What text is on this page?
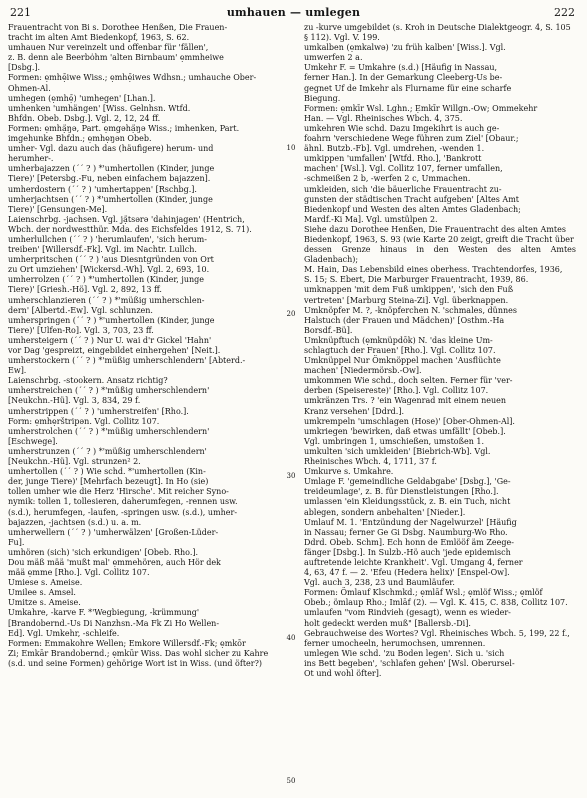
221	umhauen — umlegen	222

Frauentracht von Bi s. Dorothee Henßen, Die Frauen-

tracht im alten Amt Biedenkopf, 1963, S. 62.

umhauen Nur vereinzelt und offenbar für 'fällen',

z. B. denn ale Beerbȯhm 'alten Birnbaum' ẹmmheiwe

[Dsbg.].

Formen: ẹmhẹ̄iwe Wiss.; ẹmhẹ̄iwes Wdhsn.; umhauche Ober-

Ohmen-Al.

umhegen (ẹmhẹ̄) 'umhegen' [Lhan.].

umhenken 'umhängen' [Wiss. Gelnhsn. Wtfd.

Bhfdn. Obeb. Dsbg.]. Vgl. 2, 12, 24 ff.

Formen: ẹmhạ̈ŋə, Part. ẹmgəhạ̈ŋə Wiss.; imhenken, Part.

imgehunke Bhfdn.; ẹmhẹŋən Obeb.

umher- Vgl. dazu auch das (häufigere) herum- und

herumher-.

umherbajazzen (ˊˊ ? ) *'umhertollen (Kinder, junge

Tiere)' [Petersbg.-Fu, neben einfachem bajazzen].

umherdostern (ˊˊ ? ) 'umhertappen' [Rschbg.].

umherjachtsen (ˊˊ ? ) *'umhertollen (Kinder, junge

Tiere)' [Gensungen-Me].

Laienschrbg. -jachsen. Vgl. jạ̈tsərə 'dahinjagen' (Hentrich,

Wbch. der nordwestthür. Mda. des Eichsfeldes 1912, S. 71).

umherlullchen (ˊˊ ? ) 'herumlaufen', 'sich herum-

treiben' [Willersdf.-Fk]. Vgl. im Nachtr. Lullch.

umherpritschen (ˊˊ ? ) 'aus Diesntgründen von Ort

zu Ort umziehen' [Wickersd.-Wh]. Vgl. 2, 693, 10.

umherrolzen (ˊˊ ? ) *'umhertollen (Kinder, junge

Tiere)' [Griesh.-Hö]. Vgl. 2, 892, 13 ff.

umherschlanzieren (ˊˊ ? ) *'müßig umherschlen-

dern' [Albertd.-Ew]. Vgl. schlunzen.

umherspringen (ˊˊ ? ) *'umhertollen (Kinder, junge

Tiere)' [Ulfen-Ro]. Vgl. 3, 703, 23 ff.

umhersteigern (ˊˊ ? ) Nur U. wai d'r Gickel 'Hahn'

vor Dag 'gespreizt, eingebildet einhergehen' [Neit.].

umherstockern (ˊˊ ? ) *'müßig umherschlendern' [Abterd.-

Ew].

Laienschrbg. -stookern. Ansatz richtig?

umherstreichen (ˊˊ ? ) *'müßig umherschlendern'

[Neukchn.-Hü]. Vgl. 3, 834, 29 f.

umherstrippen (ˊˊ ? ) 'umherstreifen' [Rho.].

Form: ẹmhẹrštripən. Vgl. Collitz 107.

umherstrolchen (ˊˊ ? ) *'müßig umherschlendern'

[Eschwege].

umherstrunzen (ˊˊ ? ) *'müßig umherschlendern'

[Neukchn.-Hü]. Vgl. strunzen² 2.

umhertollen (ˊˊ ? ) Wie schd. *'umhertollen (Kin-

der, junge Tiere)' [Mehrfach bezeugt]. In Ho (sie)

tollen umher wie die Herz 'Hirsche'. Mit reicher Syno-

nymik: tollen 1, tollesieren, daherumfegen, -rennen usw.

(s.d.), herumfegen, -laufen, -springen usw. (s.d.), umher-

bajazzen, -jachtsen (s.d.) u. a. m.

umherwellern (ˊˊ ? ) 'umherwälzen' [Großen-Lüder-

Fu].

umhören (sich) 'sich erkundigen' [Obeb. Rho.].

Dou mäß mää 'mußt mal' ẹmmehören, auch Hör dek

mää ẹmme [Rho.]. Vgl. Collitz 107.

Umiese s. Ameise.

Umilee s. Amsel.

Umitze s. Ameise.

Umkahre, -karve F. *'Wegbiegung, -krümmung'

[Brandobernd.-Us Di Nanzhsn.-Ma Fk Zi Ho Wellen-

Ed]. Vgl. Umkehr, -schleife.

Formen: Emmakohre Wellen; Emkore Willersdf.-Fk; ẹmkōr

Zi; Emkār Brandobernd.; ẹmkūr Wiss. Das wohl sicher zu Kahre

(s.d. und seine Formen) gehörige Wort ist in Wiss. (und öfter?)

zu -kurve umgebildet (s. Kroh in Deutsche Dialektgeogr. 4, S. 105

§ 112). Vgl. V. 199.

umkalben (ẹmkalwə) 'zu früh kalben' [Wiss.]. Vgl.

umwerfen 2 a.

Umkehr F. = Umkahre (s.d.) [Häufig in Nassau,

ferner Han.]. In der Gemarkung Cleeberg-Us be-

gegnet Uf de Imkehr als Flurname für eine scharfe

Biegung.

Formen: ẹmkīr Wsl. Lghn.; Ẹmkīr Willgn.-Ow; Ommekehr

Han. — Vgl. Rheinisches Wbch. 4, 375.

umkehren Wie schd. Dazu Imgekihrt is auch ge-

foahrn 'verschiedene Wege führen zum Ziel' [Obaur.;

ähnl. Butzb.-Fb]. Vgl. umdrehen, -wenden 1.

umkippen 'umfallen' [Wtfd. Rho.], 'Bankrott

machen' [Wsl.]. Vgl. Collitz 107, ferner umfallen,

-schmeißen 2 b, -werfen 2 c, Ummachen.

umkleiden, sich 'die bäuerliche Frauentracht zu-

gunsten der städtischen Tracht aufgeben' [Altes Amt

Biedenkopf und Westen des alten Amtes Gladenbach;

Mardf.-Ki Ma]. Vgl. umstülpen 2.

Siehe dazu Dorothee Henßen, Die Frauentracht des alten Amtes

Biedenkopf, 1963, S. 93 (wie Karte 20 zeigt, greift die Tracht über

dessen Grenze hinaus in den Westen des alten Amtes Gladenbach);

M. Hain, Das Lebensbild eines oberhess. Trachtendorfes, 1936,

S. 15; S. Ebert, Die Marburger Frauentracht, 1939, 86.

umknappen 'mit dem Fuß umkippen', 'sich den Fuß

vertreten' [Marburg Steina-Zi]. Vgl. überknappen.

Umknöpfer M. ?, -knöpferchen N. 'schmales, dünnes

Halstuch (der Frauen und Mädchen)' [Osthm.-Ha

Borsdf.-Bü].

Umknüpftuch (ẹmknüpdōk) N. 'das kleine Um-

schlagtuch der Frauen' [Rho.]. Vgl. Collitz 107.

Umknüppel Nur Ömknöppel machen 'Ausflüchte

machen' [Niedermörsb.-Ow].

umkommen Wie schd., doch selten. Ferner für 'ver-

derben (Speisereste)' [Rho.]. Vgl. Collitz 107.

umkränzen Trs. ? 'ein Wagenrad mit einem neuen

Kranz versehen' [Ddrd.].

umkrempeln 'umschlagen (Hose)' [Ober-Ohmen-Al].

umkriegen 'bewirken, daß etwas umfällt' [Obeb.].

Vgl. umbringen 1, umschießen, umstoßen 1.

umkulten 'sich umkleiden' [Biebrich-Wb]. Vgl.

Rheinisches Wbch. 4, 1711, 37 f.

Umkurve s. Umkahre.

Umlage F. 'gemeindliche Geldabgabe' [Dsbg.], 'Ge-

treideumlage', z. B. für Dienstleistungen [Rho.].

umlassen 'ein Kleidungsstück, z. B. ein Tuch, nicht

ablegen, sondern anbehalten' [Nieder.].

Umlauf M. 1. 'Entzündung der Nagelwurzel' [Häufig

in Nassau; ferner Ge Gi Dsbg. Naumburg-Wo Rho.

Ddrd. Obeb. Schm]. Ech honn de Emlööf äm Zeege-

fänger [Dsbg.]. In Sulzb.-Hö auch 'jede epidemisch

auftretende leichte Krankheit'. Vgl. Umgang 4, ferner

4, 63, 47 f. — 2. 'Efeu (Hedera helix)' [Enspel-Ow].

Vgl. auch 3, 238, 23 und Baumläufer.

Formen: Ömlauf Klschmkd.; ẹmlāf Wsl.; ẹmlöf Wiss.; ẹmlöf

Obeb.; ömlaup Rho.; Imlāf (2). — Vgl. K. 415, C. 838, Collitz 107.

umlaufen "vom Rindvieh (gesagt), wenn es wieder-

holt gedeckt werden muß" [Ballersb.-Di].

Gebrauchweise des Wortes? Vgl. Rheinisches Wbch. 5, 199, 22 f.,

ferner umocheeln, herumochsen, umrennen.

umlegen Wie schd. 'zu Boden legen'. Sich u. 'sich

ins Bett begeben', 'schlafen gehen' [Wsl. Oberursel-

Ot und wohl öfter].

10
20
30
40
50
